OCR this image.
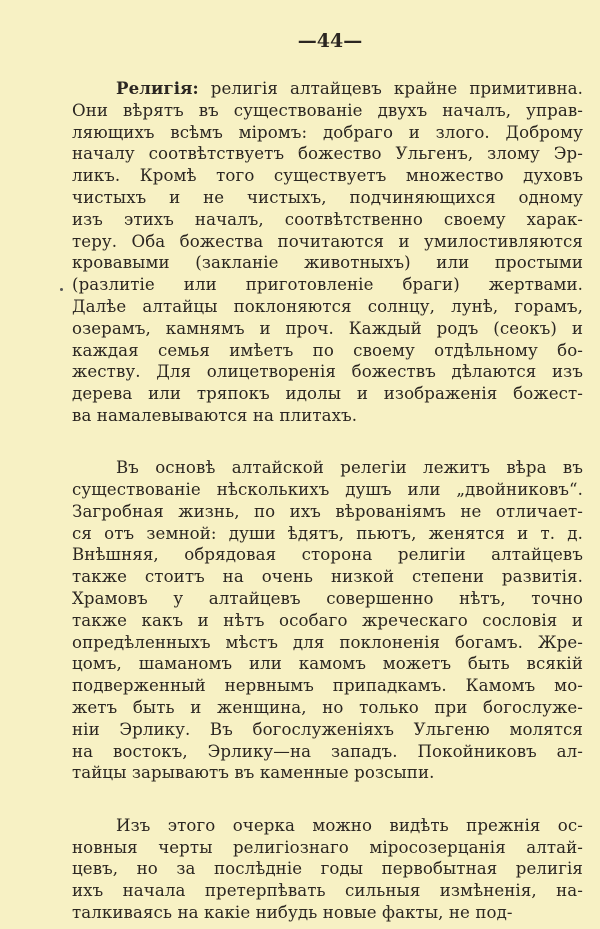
—44—
Религія: религія алтайцевъ крайне примитивна.
Они вѣрятъ въ существованіе двухъ началъ, управ-
ляющихъ всѣмъ міромъ: добраго и злого. Доброму
началу соотвѣтствуетъ божество Ульгенъ, злому Эр-
ликъ. Кромѣ того существуетъ множество духовъ
чистыхъ и не чистыхъ, подчиняющихся одному
изъ этихъ началъ, соотвѣтственно своему харак-
теру. Оба божества почитаются и умилостивляются
кровавыми (закланіе животныхъ) или простыми
(разлитіе или приготовленіе браги) жертвами.
Далѣе алтайцы поклоняются солнцу, лунѣ, горамъ,
озерамъ, камнямъ и проч. Каждый родъ (сеокъ) и
каждая семья имѣетъ по своему отдѣльному бо-
жеству. Для олицетворенія божествъ дѣлаются изъ
дерева или тряпокъ идолы и изображенія божест-
ва намалевываются на плитахъ.
Въ основѣ алтайской релегіи лежитъ вѣра въ
существованіе нѣсколькихъ душъ или „двойниковъ“.
Загробная жизнь, по ихъ вѣрованіямъ не отличает-
ся отъ земной: души ѣдятъ, пьютъ, женятся и т. д.
Внѣшняя, обрядовая сторона религіи алтайцевъ
также стоитъ на очень низкой степени развитія.
Храмовъ у алтайцевъ совершенно нѣтъ, точно
также какъ и нѣтъ особаго жреческаго сословія и
опредѣленныхъ мѣстъ для поклоненія богамъ. Жре-
цомъ, шаманомъ или камомъ можетъ быть всякій
подверженный нервнымъ припадкамъ. Камомъ мо-
жетъ быть и женщина, но только при богослуже-
ніи Эрлику. Въ богослуженіяхъ Ульгеню молятся
на востокъ, Эрлику—на западъ. Покойниковъ ал-
тайцы зарываютъ въ каменные розсыпи.
Изъ этого очерка можно видѣть прежнія ос-
новныя черты религіознаго міросозерцанія алтай-
цевъ, но за послѣдніе годы первобытная религія
ихъ начала претерпѣвать сильныя измѣненія, на-
талкиваясь на какіе нибудь новые факты, не под-
